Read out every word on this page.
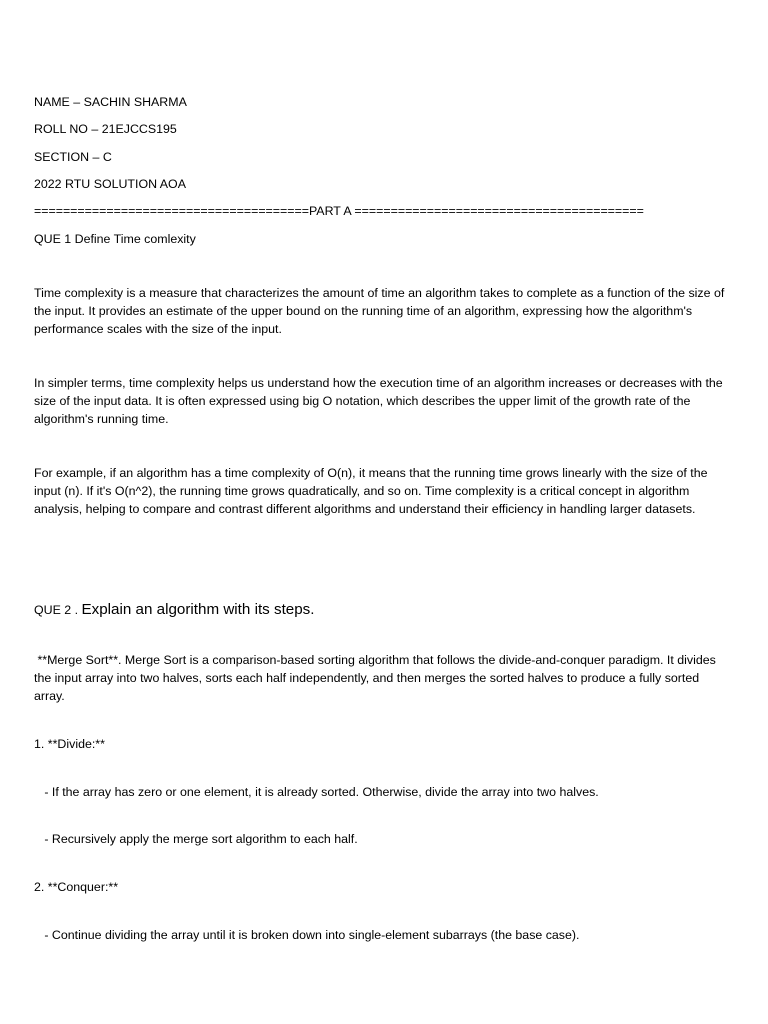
NAME – SACHIN SHARMA
ROLL NO – 21EJCCS195
SECTION – C
2022 RTU SOLUTION AOA
======================================PART A ========================================
QUE 1 Define Time comlexity
Time complexity is a measure that characterizes the amount of time an algorithm takes to complete as a function of the size of the input. It provides an estimate of the upper bound on the running time of an algorithm, expressing how the algorithm's performance scales with the size of the input.
In simpler terms, time complexity helps us understand how the execution time of an algorithm increases or decreases with the size of the input data. It is often expressed using big O notation, which describes the upper limit of the growth rate of the algorithm's running time.
For example, if an algorithm has a time complexity of O(n), it means that the running time grows linearly with the size of the input (n). If it's O(n^2), the running time grows quadratically, and so on. Time complexity is a critical concept in algorithm analysis, helping to compare and contrast different algorithms and understand their efficiency in handling larger datasets.
QUE 2 . Explain an algorithm with its steps.
**Merge Sort**. Merge Sort is a comparison-based sorting algorithm that follows the divide-and-conquer paradigm. It divides the input array into two halves, sorts each half independently, and then merges the sorted halves to produce a fully sorted array.
1. **Divide:**
- If the array has zero or one element, it is already sorted. Otherwise, divide the array into two halves.
- Recursively apply the merge sort algorithm to each half.
2. **Conquer:**
- Continue dividing the array until it is broken down into single-element subarrays (the base case).
